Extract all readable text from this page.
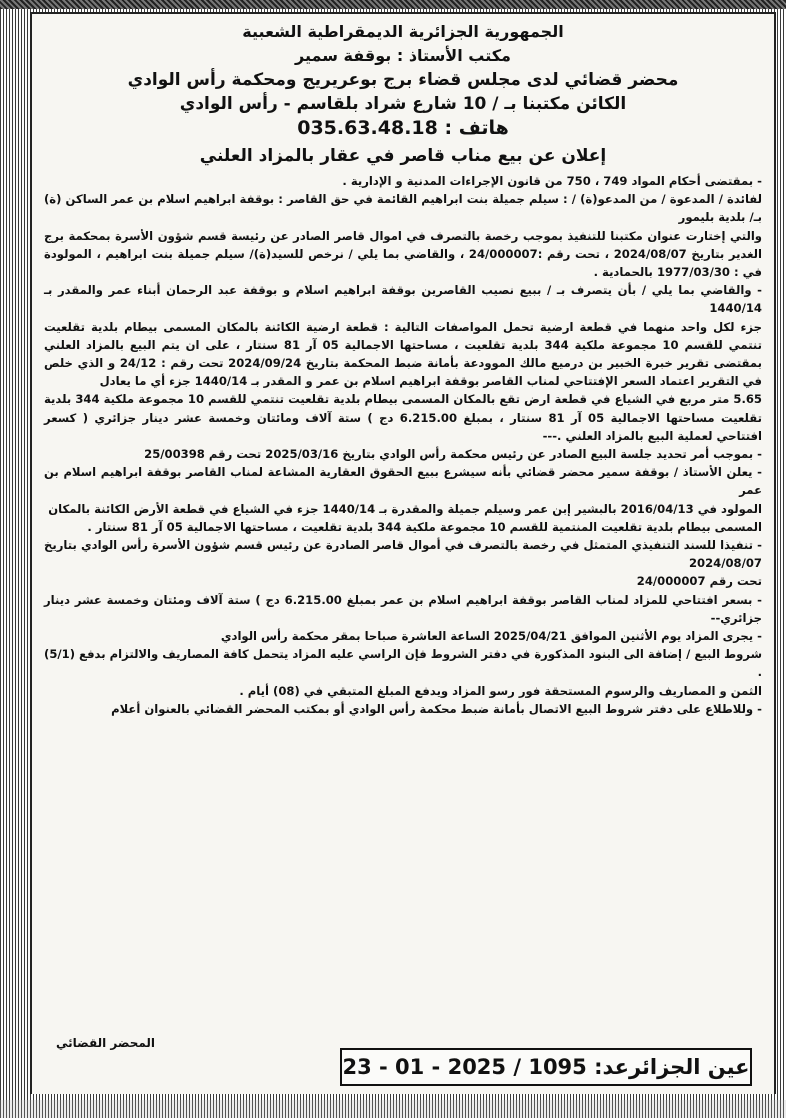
الجمهورية الجزائرية الديمقراطية الشعبية
مكتب الأستاذ : بوقفة سمير
محضر قضائي لدى مجلس قضاء برج بوعريريج ومحكمة رأس الوادي
الكائن مكتبنا بـ / 10 شارع شراد بلقاسم - رأس الوادي
هاتف : 035.63.48.18
إعلان عن بيع مناب قاصر في عقار بالمزاد العلني

- بمقتضى أحكام المواد 749 ، 750 من قانون الإجراءات المدنية و الإدارية .

لفائدة / المدعوة / من المدعو(ة) / : سيلم جميلة بنت ابراهيم القائمة في حق القاصر : بوقفة ابراهيم اسلام بن عمر الساكن (ة) بـ/ بلدية بليمور

والتي إختارت عنوان مكتبنا للتنفيذ بموجب رخصة بالتصرف في اموال قاصر الصادر عن رئيسة قسم شؤون الأسرة بمحكمة برج الغدير بتاريخ 2024/08/07 ، تحت رقم :24/000007 ، والقاضي بما يلي / نرخص للسيد(ة)/ سيلم جميلة بنت ابراهيم ، المولودة في : 1977/03/30 بالحمادية .

- والقاضي بما يلي / بأن يتصرف بـ / ببيع نصيب القاصرين بوقفة ابراهيم اسلام و بوقفة عبد الرحمان أبناء عمر والمقدر بـ 1440/14

جزء لكل واحد منهما في قطعة ارضية تحمل المواصفات التالية : قطعة ارضية الكائنة بالمكان المسمى بيطام بلدية تقلعيت تنتمي للقسم 10 مجموعة ملكية 344 بلدية تقلعيت ، مساحتها الاجمالية 05 آر 81 سنتار ، على ان يتم البيع بالمزاد العلني بمقتضى تقرير خبرة الخبير بن درميع مالك الموودعة بأمانة ضبط المحكمة بتاريخ 2024/09/24 تحت رقم : 24/12 و الذي خلص في التقرير اعتماد السعر الإفتتاحي لمناب القاصر بوقفة ابراهيم اسلام بن عمر و المقدر بـ 1440/14 جزء أي ما يعادل

5.65 متر مربع في الشياع في قطعة ارض تقع بالمكان المسمى بيطام بلدية تقلعيت تنتمي للقسم 10 مجموعة ملكية 344 بلدية تقلعيت مساحتها الاجمالية 05 آر 81 سنتار ، بمبلغ 6.215.00 دج ) ستة آلاف ومائتان وخمسة عشر دينار جزائري ( كسعر افتتاحي لعملية البيع بالمزاد العلني .---

- بموجب أمر تحديد جلسة البيع الصادر عن رئيس محكمة رأس الوادي بتاريخ 2025/03/16 تحت رقم 25/00398

- يعلن الأستاذ / بوقفة سمير محضر قضائي بأنه سيشرع ببيع الحقوق العقارية المشاعة لمناب القاصر بوقفة ابراهيم اسلام بن عمر

المولود في 2016/04/13 بالبشير إبن عمر وسيلم جميلة والمقدرة بـ 1440/14 جزء في الشياع في قطعة الأرض الكائنة بالمكان

المسمى بيطام بلدية تقلعيت المنتمية للقسم 10 مجموعة ملكية 344 بلدية تقلعيت ، مساحتها الاجمالية 05 آر 81 سنتار .

- تنفيذا للسند التنفيذي المتمثل في رخصة بالتصرف في أموال قاصر الصادرة عن رئيس قسم شؤون الأسرة رأس الوادي بتاريخ 2024/08/07

تحت رقم 24/000007

- بسعر افتتاحي للمزاد لمناب القاصر بوقفة ابراهيم اسلام بن عمر بمبلغ 6.215.00 دج ) ستة آلاف ومئتان وخمسة عشر دينار جزائري--

- يجرى المزاد يوم الأثنين الموافق 2025/04/21 الساعة العاشرة صباحا بمقر محكمة رأس الوادي

شروط البيع / إضافة الى البنود المذكورة في دفتر الشروط فإن الراسي عليه المزاد يتحمل كافة المصاريف والالتزام بدفع (5/1) .

الثمن و المصاريف والرسوم المستحقة فور رسو المزاد ويدفع المبلغ المتبقي في (08) أيام .

- وللاطلاع على دفتر شروط البيع الاتصال بأمانة ضبط محكمة رأس الوادي أو بمكتب المحضر القضائي بالعنوان أعلام

المحضر القضائي
عين الجزائرعد: 1095 / 23 - 01 - 2025
